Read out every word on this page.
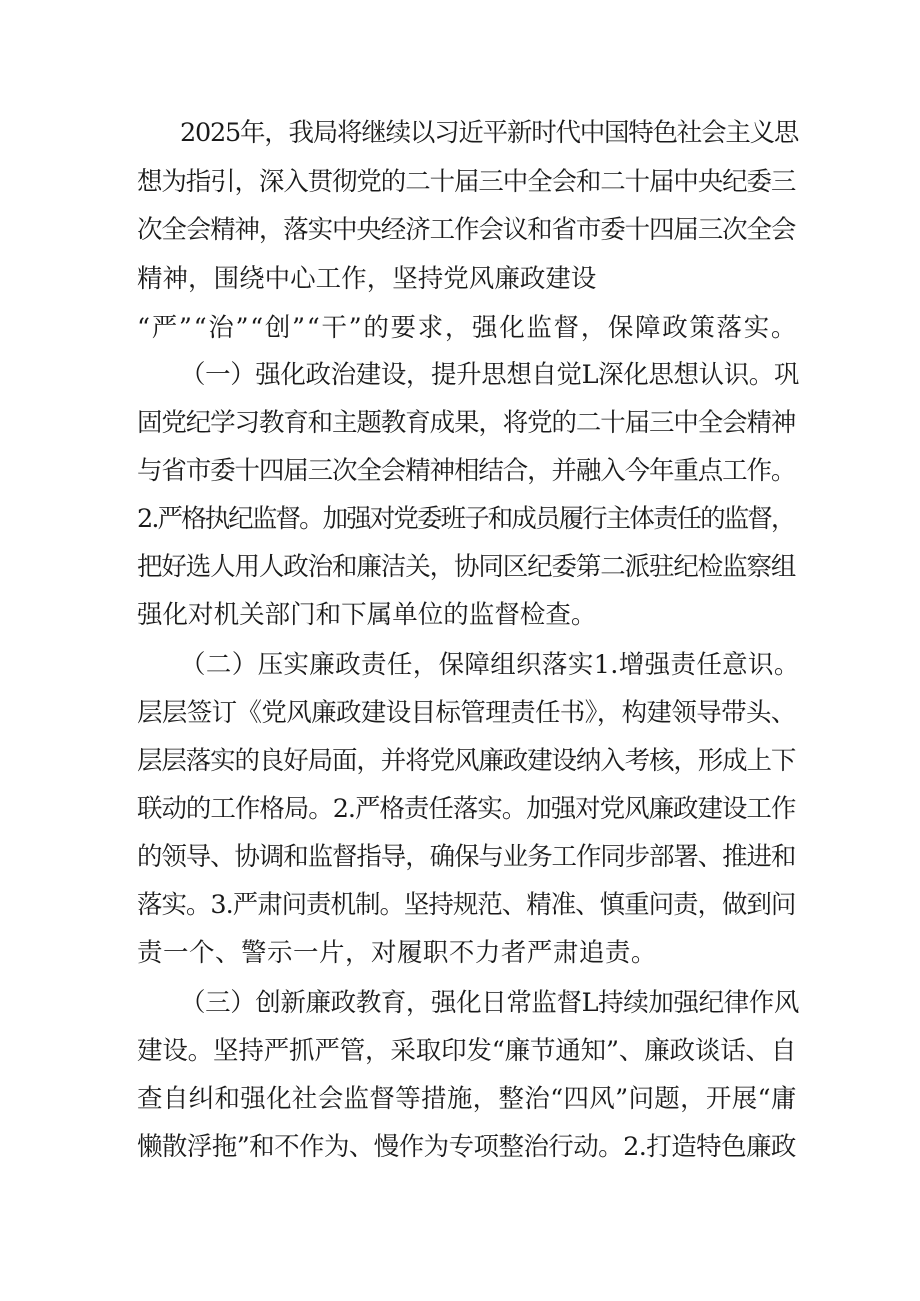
2025年，我局将继续以习近平新时代中国特色社会主义思
想为指引，深入贯彻党的二十届三中全会和二十届中央纪委三
次全会精神，落实中央经济工作会议和省市委十四届三次全会
精神，围绕中心工作，坚持党风廉政建设
“严”“治”“创”“干”的要求，强化监督，保障政策落实。
（一）强化政治建设，提升思想自觉L深化思想认识。巩
固党纪学习教育和主题教育成果，将党的二十届三中全会精神
与省市委十四届三次全会精神相结合，并融入今年重点工作。
2.严格执纪监督。加强对党委班子和成员履行主体责任的监督，
把好选人用人政治和廉洁关，协同区纪委第二派驻纪检监察组
强化对机关部门和下属单位的监督检查。
（二）压实廉政责任，保障组织落实1.增强责任意识。
层层签订《党风廉政建设目标管理责任书》，构建领导带头、
层层落实的良好局面，并将党风廉政建设纳入考核，形成上下
联动的工作格局。2.严格责任落实。加强对党风廉政建设工作
的领导、协调和监督指导，确保与业务工作同步部署、推进和
落实。3.严肃问责机制。坚持规范、精准、慎重问责，做到问
责一个、警示一片，对履职不力者严肃追责。
（三）创新廉政教育，强化日常监督L持续加强纪律作风
建设。坚持严抓严管，采取印发“廉节通知”、廉政谈话、自
查自纠和强化社会监督等措施，整治“四风”问题，开展“庸
懒散浮拖”和不作为、慢作为专项整治行动。2.打造特色廉政
